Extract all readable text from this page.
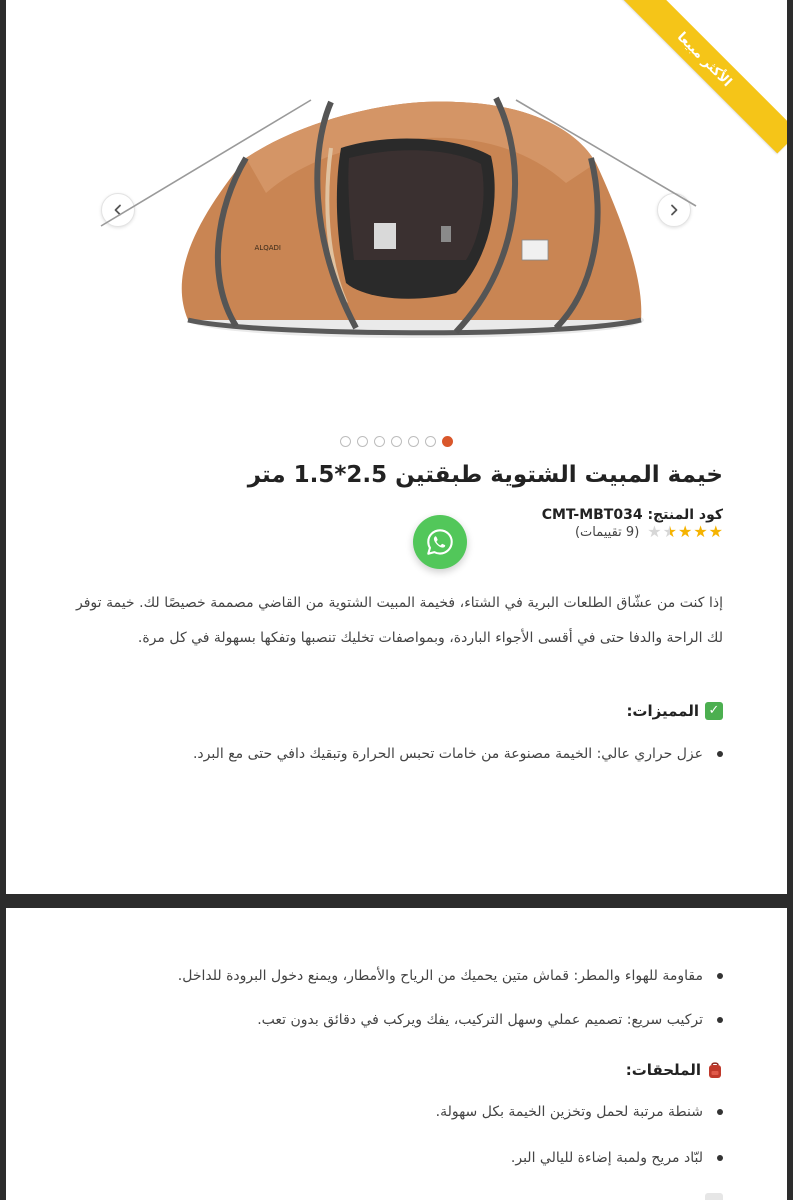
الأكثر مبيعا
ALQADI
خيمة المبيت الشتوية طبقتين 2.5*1.5 متر
كود المنتج: CMT-MBT034
★
★
★
★
★
(9 تقييمات)

إذا كنت من عشّاق الطلعات البرية في الشتاء، فخيمة المبيت الشتوية من القاضي مصممة خصيصًا لك. خيمة توفر لك الراحة والدفا حتى في أقسى الأجواء الباردة، وبمواصفات تخليك تنصبها وتفكها بسهولة في كل مرة.

✓
المميزات:
عزل حراري عالي: الخيمة مصنوعة من خامات تحبس الحرارة وتبقيك دافي حتى مع البرد.
مقاومة للهواء والمطر: قماش متين يحميك من الرياح والأمطار، ويمنع دخول البرودة للداخل.
تركيب سريع: تصميم عملي وسهل التركيب، يفك ويركب في دقائق بدون تعب.
الملحقات:
شنطة مرتبة لحمل وتخزين الخيمة بكل سهولة.
لبّاد مريح ولمبة إضاءة لليالي البر.
